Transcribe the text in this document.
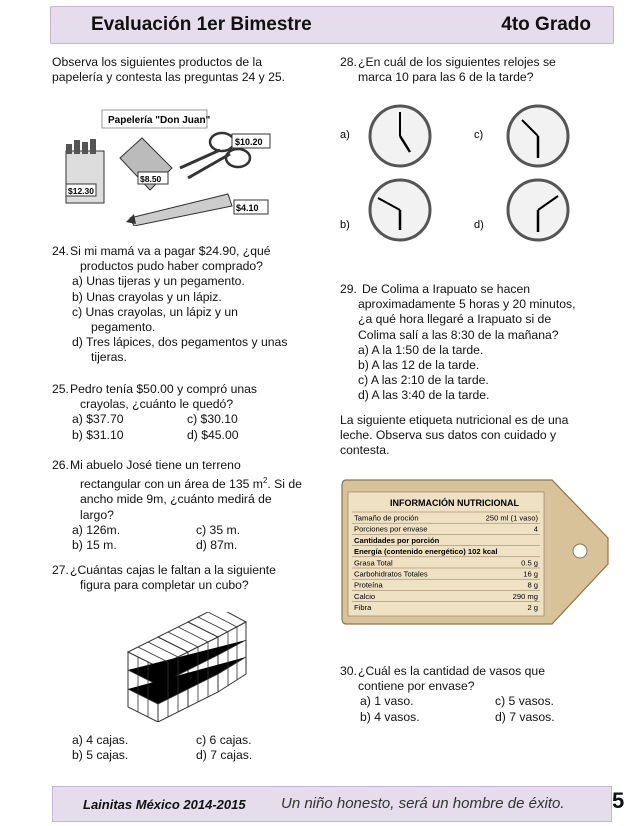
Evaluación 1er Bimestre	4to Grado
Observa los siguientes productos de la
papelería y contesta las preguntas 24 y 25.
Papelería "Don Juan"
$12.30
$8.50
$10.20
$4.10
24. Si mi mamá va a pagar $24.90, ¿qué
productos pudo haber comprado?
a) Unas tijeras y un pegamento.
b) Unas crayolas y un lápiz.
c) Unas crayolas, un lápiz y un
pegamento.
d) Tres lápices, dos pegamentos y unas
tijeras.
25. Pedro tenía $50.00 y compró unas
crayolas, ¿cuánto le quedó?
a) $37.70	c) $30.10
b) $31.10	d) $45.00
26. Mi abuelo José tiene un terreno
rectangular con un área de 135 $m^2$. Si de
ancho mide 9m, ¿cuánto medirá de
largo?
a) 126m.	c) 35 m.
b) 15 m.	d) 87m.
27. ¿Cuántas cajas le faltan a la siguiente
figura para completar un cubo?
a) 4 cajas.	c) 6 cajas.
b) 5 cajas.	d) 7 cajas.
28. ¿En cuál de los siguientes relojes se
marca 10 para las 6 de la tarde?
a)
b)
c)
d)
29. De Colima a Irapuato se hacen
aproximadamente 5 horas y 20 minutos,
¿a qué hora llegaré a Irapuato si de
Colima salí a las 8:30 de la mañana?
a) A la 1:50 de la tarde.
b) A las 12 de la tarde.
c) A las 2:10 de la tarde.
d) A las 3:40 de la tarde.
La siguiente etiqueta nutricional es de una
leche. Observa sus datos con cuidado y
contesta.
INFORMACIÓN NUTRICIONAL
Tamaño de proción	250 ml (1 vaso)
Porciones por envase	4
Cantidades por porción
Energía (contenido energético) 102 kcal
Grasa Total	0.5 g
Carbohidratos Totales	16 g
Proteína	8 g
Calcio	290 mg
Fibra	2 g
30. ¿Cuál es la cantidad de vasos que
contiene por envase?
a) 1 vaso.	c) 5 vasos.
b) 4 vasos.	d) 7 vasos.
Lainitas México 2014-2015 Un niño honesto, será un hombre de éxito. 5
